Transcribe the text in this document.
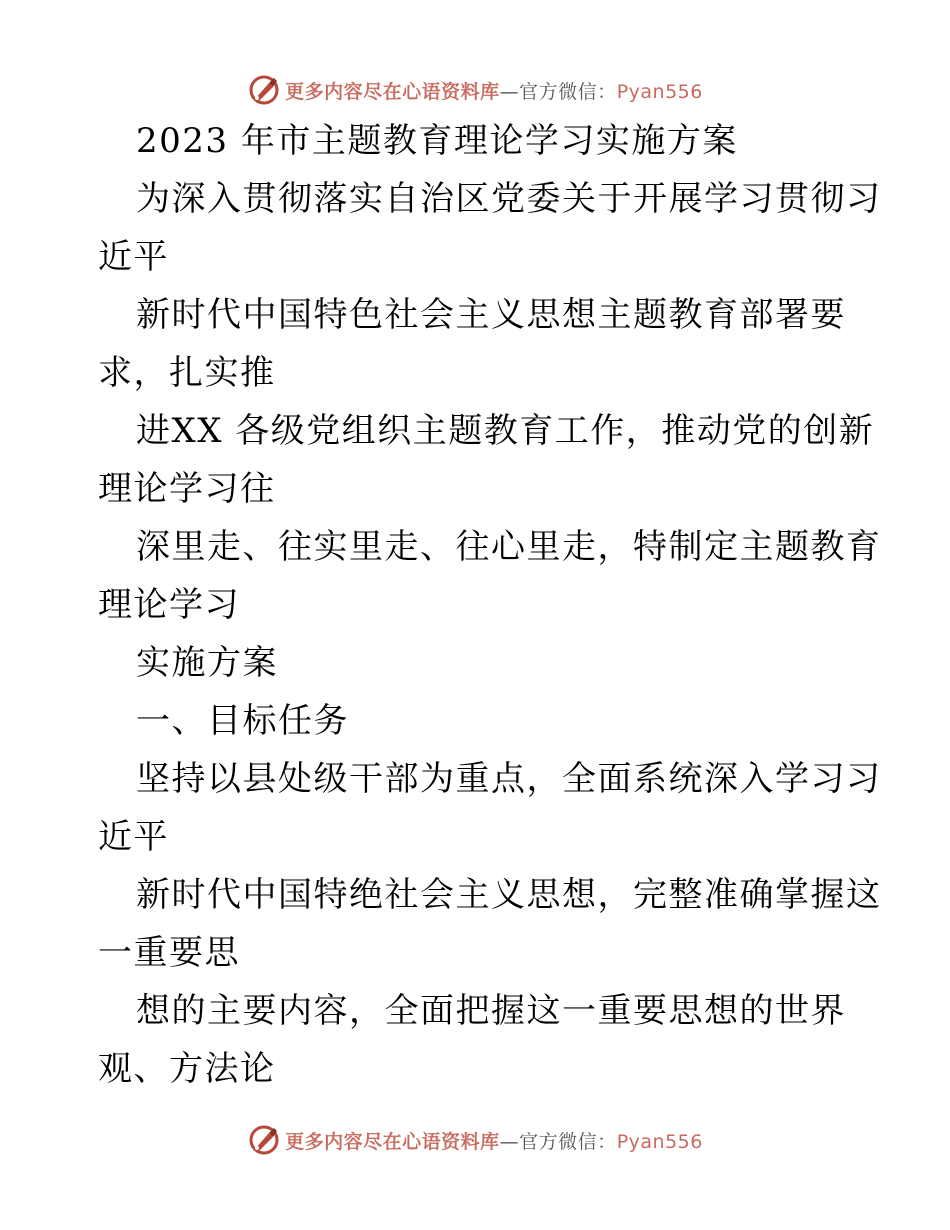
更多内容尽在心语资料库—官方微信：Pyan556
2023 年市主题教育理论学习实施方案
为深入贯彻落实自治区党委关于开展学习贯彻习
近平
新时代中国特色社会主义思想主题教育部署要
求，扎实推
进XX 各级党组织主题教育工作，推动党的创新
理论学习往
深里走、往实里走、往心里走，特制定主题教育
理论学习
实施方案
一、目标任务
坚持以县处级干部为重点，全面系统深入学习习
近平
新时代中国特绝社会主义思想，完整准确掌握这
一重要思
想的主要内容，全面把握这一重要思想的世界
观、方法论
更多内容尽在心语资料库—官方微信：Pyan556
